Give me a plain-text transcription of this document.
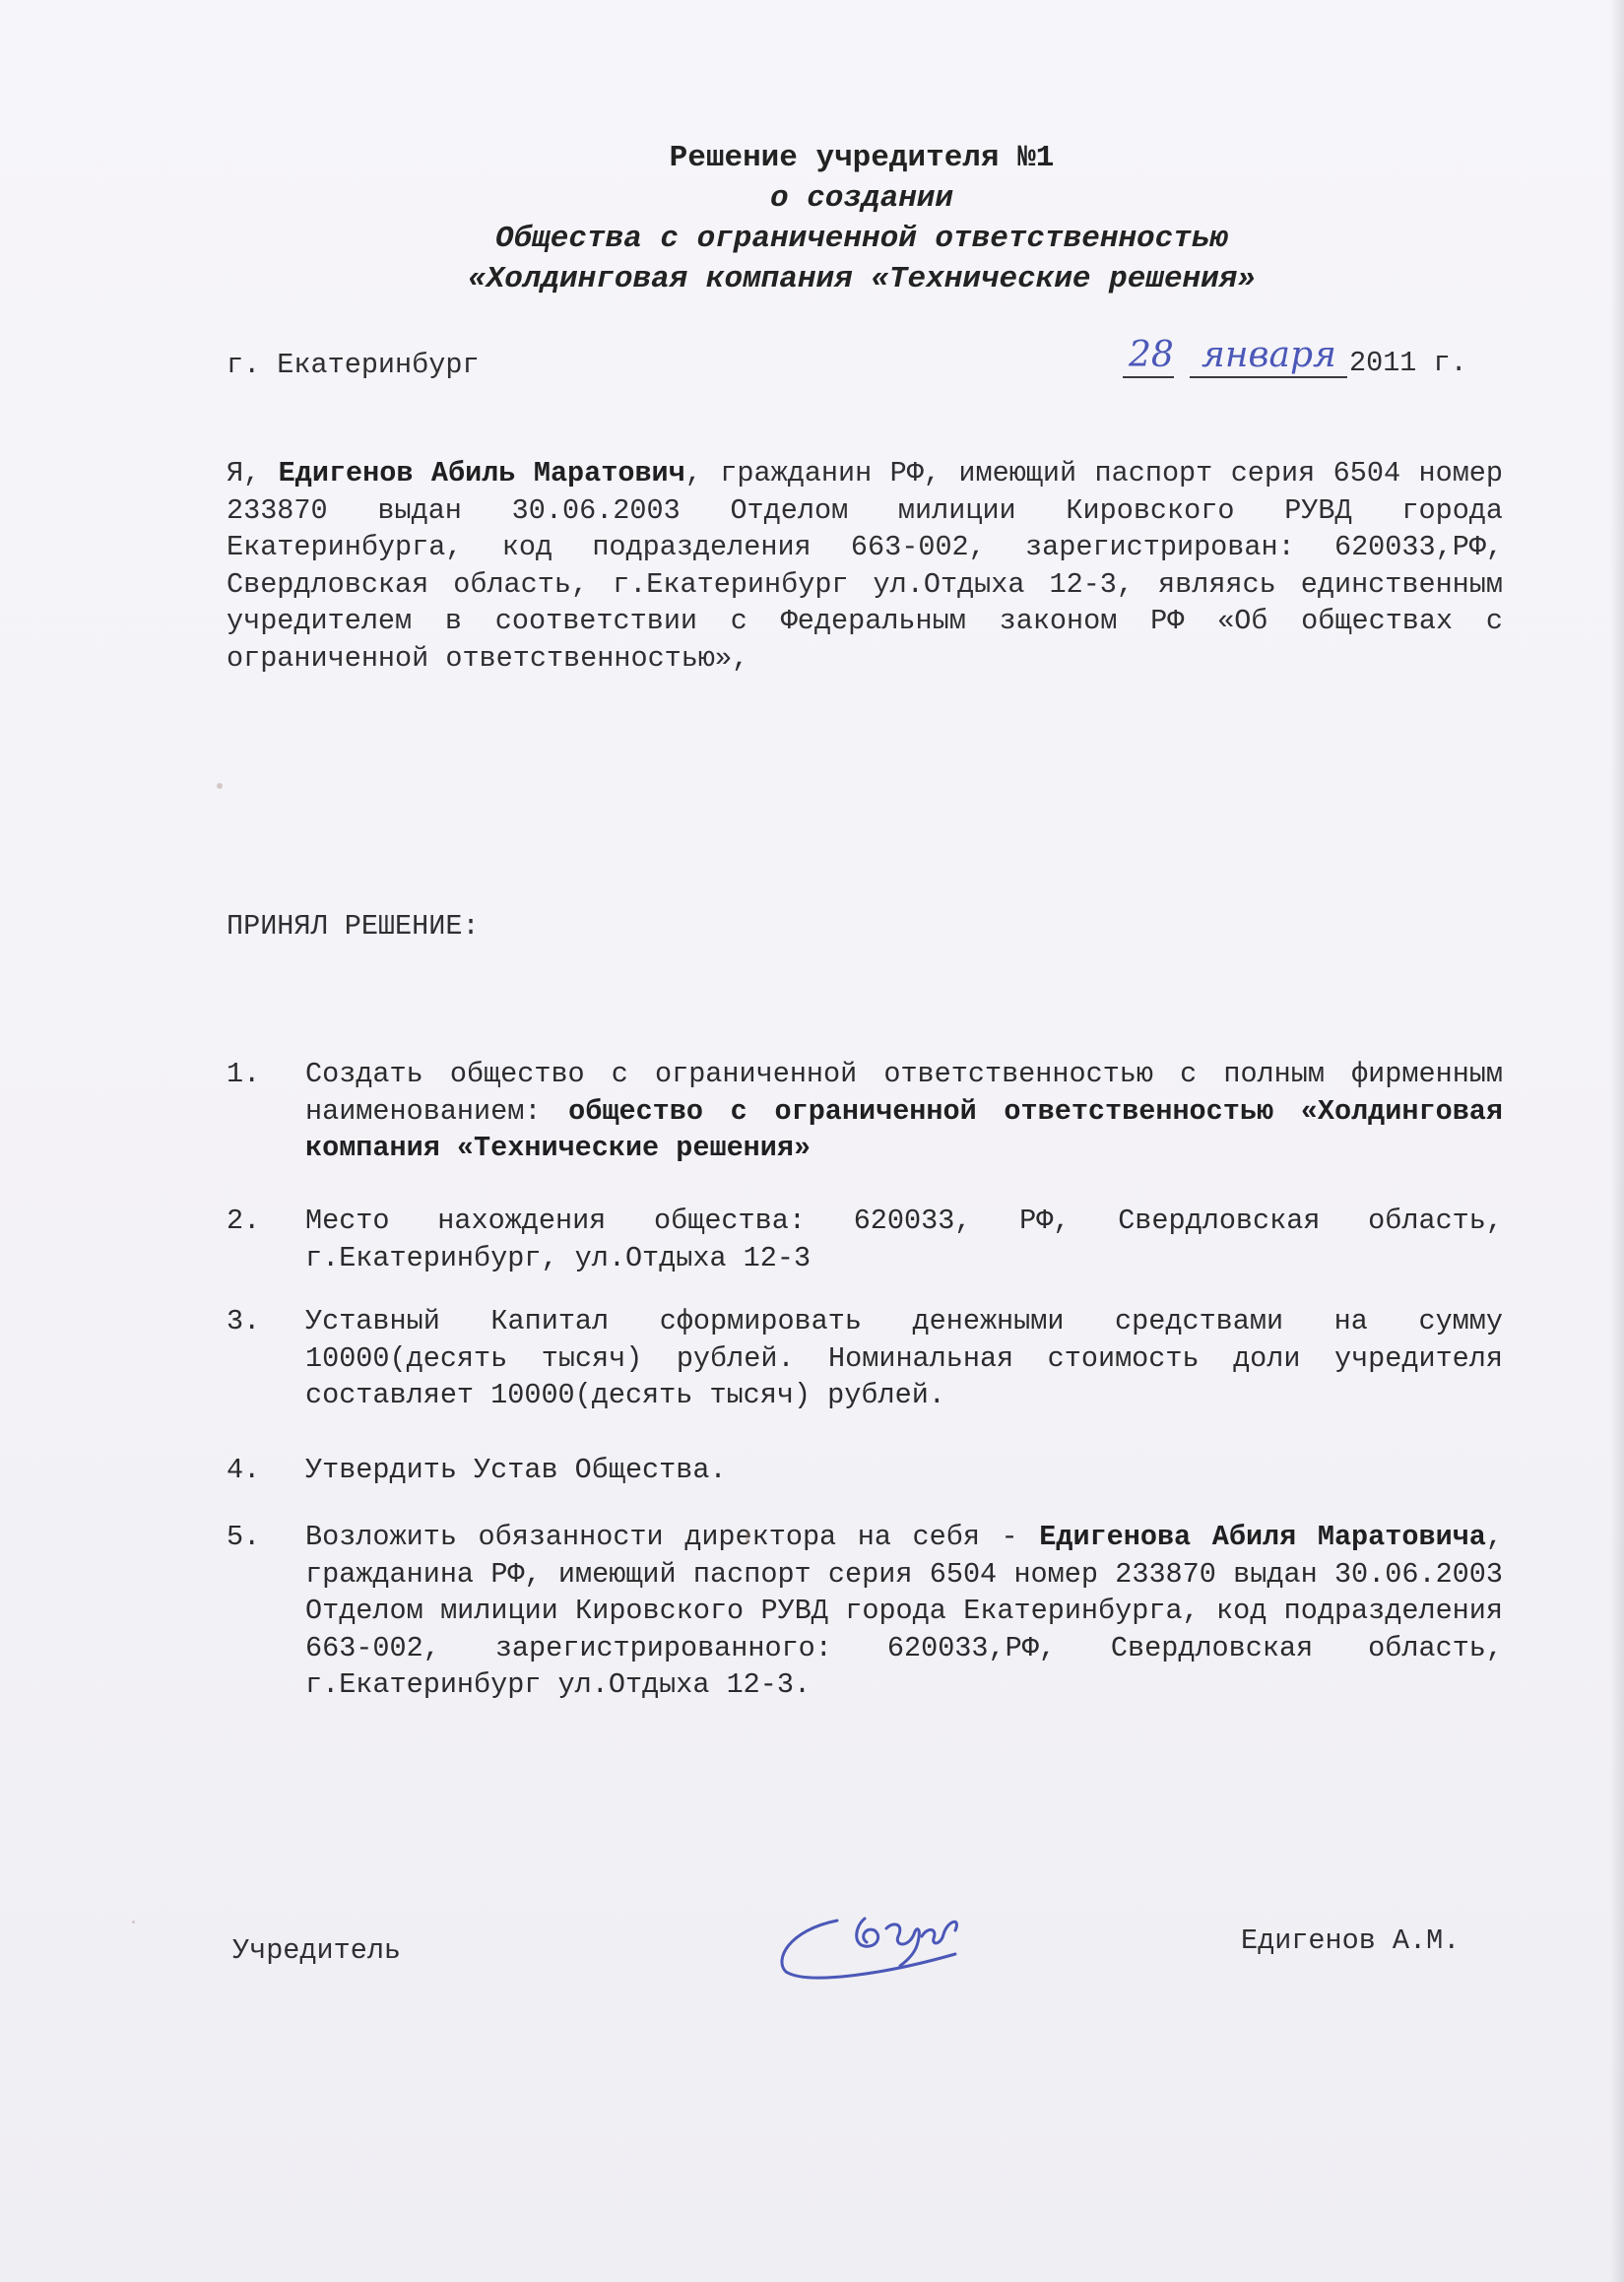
Решение учредителя №1
о создании
Общества с ограниченной ответственностью
«Холдинговая компания «Технические решения»
г. Екатеринбург	28 января 2011 г.
Я, Едигенов Абиль Маратович, гражданин РФ, имеющий паспорт серия 6504 номер 233870 выдан 30.06.2003 Отделом милиции Кировского РУВД города Екатеринбурга, код подразделения 663-002, зарегистрирован: 620033,РФ, Свердловская область, г.Екатеринбург ул.Отдыха 12-3, являясь единственным учредителем в соответствии с Федеральным законом РФ «Об обществах с ограниченной ответственностью»,
ПРИНЯЛ РЕШЕНИЕ:
1. Создать общество с ограниченной ответственностью с полным фирменным наименованием: общество с ограниченной ответственностью «Холдинговая компания «Технические решения»
2. Место нахождения общества: 620033, РФ, Свердловская область, г.Екатеринбург, ул.Отдыха 12-3
3. Уставный Капитал сформировать денежными средствами на сумму 10000(десять тысяч) рублей. Номинальная стоимость доли учредителя составляет 10000(десять тысяч) рублей.
4. Утвердить Устав Общества.
5. Возложить обязанности директора на себя - Едигенова Абиля Маратовича, гражданина РФ, имеющий паспорт серия 6504 номер 233870 выдан 30.06.2003 Отделом милиции Кировского РУВД города Екатеринбурга, код подразделения 663-002, зарегистрированного: 620033,РФ, Свердловская область, г.Екатеринбург ул.Отдыха 12-3.
Учредитель	Едигенов А.М.
